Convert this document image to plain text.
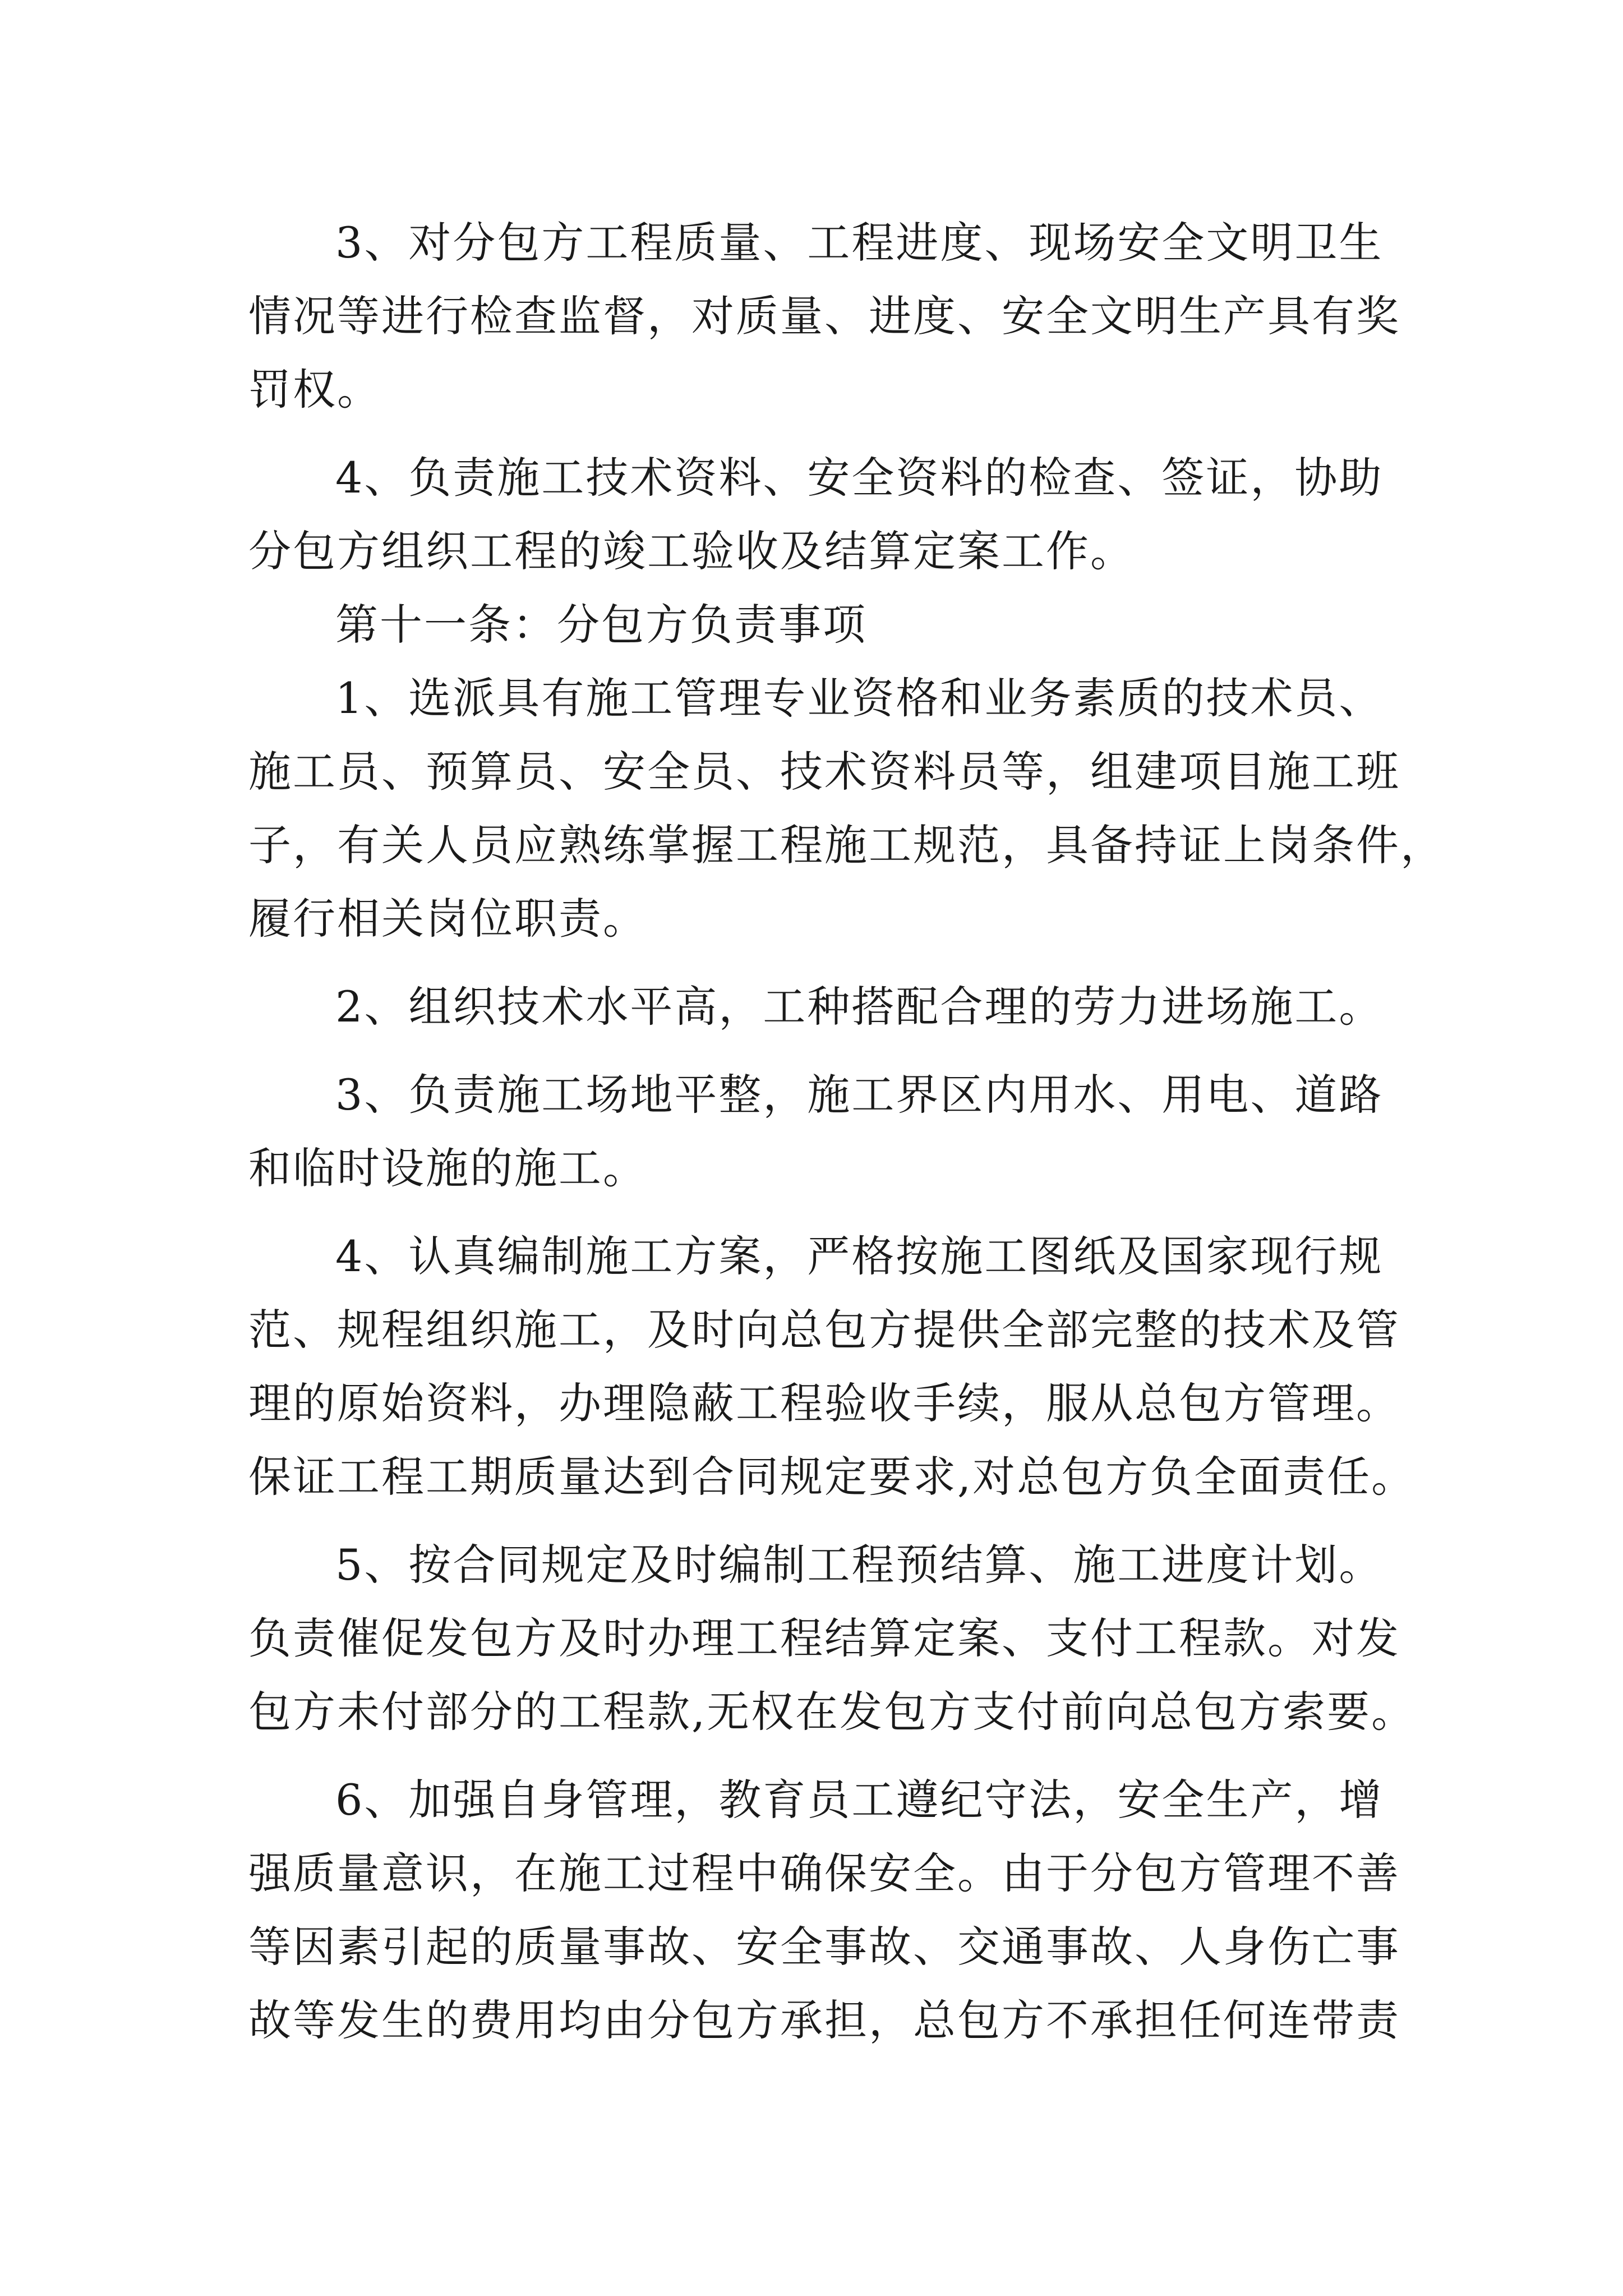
3、对分包方工程质量、工程进度、现场安全文明卫生
情况等进行检查监督，对质量、进度、安全文明生产具有奖
罚权。
4、负责施工技术资料、安全资料的检查、签证，协助
分包方组织工程的竣工验收及结算定案工作。
第十一条：分包方负责事项
1、选派具有施工管理专业资格和业务素质的技术员、
施工员、预算员、安全员、技术资料员等，组建项目施工班
子，有关人员应熟练掌握工程施工规范，具备持证上岗条件，
履行相关岗位职责。
2、组织技术水平高，工种搭配合理的劳力进场施工。
3、负责施工场地平整，施工界区内用水、用电、道路
和临时设施的施工。
4、认真编制施工方案，严格按施工图纸及国家现行规
范、规程组织施工，及时向总包方提供全部完整的技术及管
理的原始资料，办理隐蔽工程验收手续，服从总包方管理。
保证工程工期质量达到合同规定要求,对总包方负全面责任。
5、按合同规定及时编制工程预结算、施工进度计划。
负责催促发包方及时办理工程结算定案、支付工程款。对发
包方未付部分的工程款,无权在发包方支付前向总包方索要。
6、加强自身管理，教育员工遵纪守法，安全生产，增
强质量意识，在施工过程中确保安全。由于分包方管理不善
等因素引起的质量事故、安全事故、交通事故、人身伤亡事
故等发生的费用均由分包方承担，总包方不承担任何连带责
